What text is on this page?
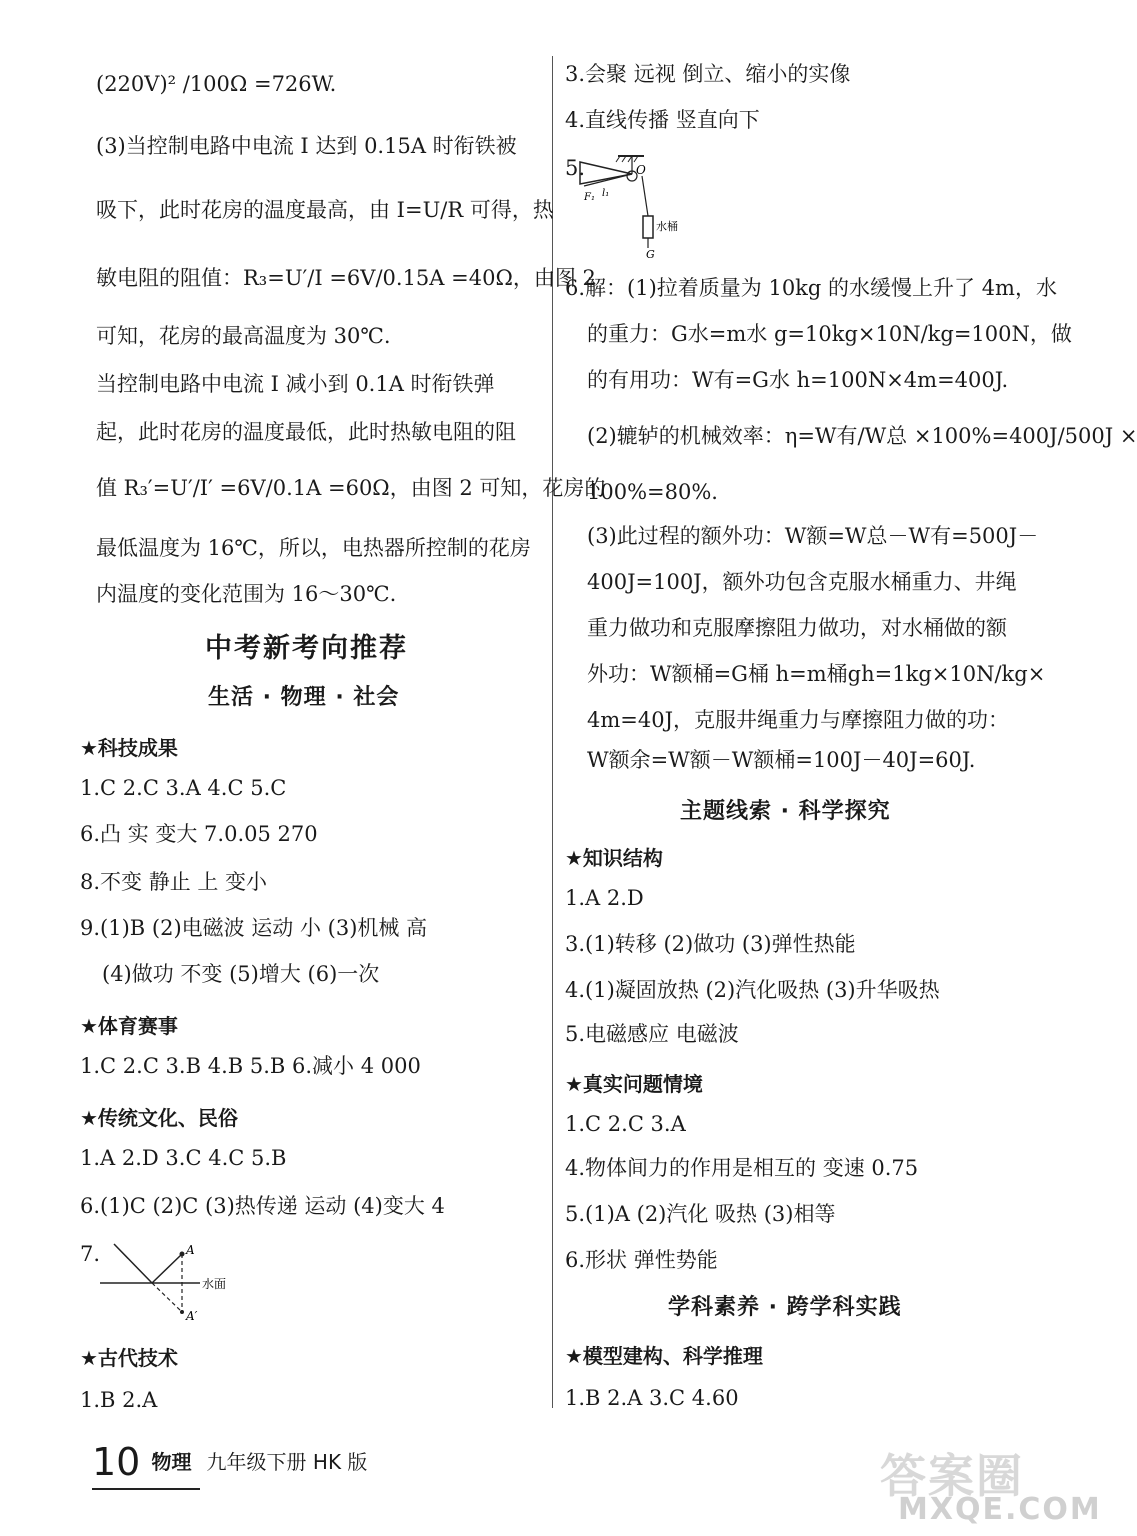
(220V)² /100Ω =726W.
(3)当控制电路中电流 I 达到 0.15A 时衔铁被
吸下，此时花房的温度最高，由 I=U/R 可得，热
敏电阻的阻值：R₃=U′/I =6V/0.15A =40Ω，由图 2
可知，花房的最高温度为 30℃.
当控制电路中电流 I 减小到 0.1A 时衔铁弹
起，此时花房的温度最低，此时热敏电阻的阻
值 R₃′=U′/I′ =6V/0.1A =60Ω，由图 2 可知，花房的
最低温度为 16℃，所以，电热器所控制的花房
内温度的变化范围为 16～30℃.
中考新考向推荐
生活 · 物理 · 社会
★科技成果
1.C 2.C 3.A 4.C 5.C
6.凸 实 变大 7.0.05 270
8.不变 静止 上 变小
9.(1)B (2)电磁波 运动 小 (3)机械 高
(4)做功 不变 (5)增大 (6)一次
★体育赛事
1.C 2.C 3.B 4.B 5.B 6.减小 4 000
★传统文化、民俗
1.A 2.D 3.C 4.C 5.B
6.(1)C (2)C (3)热传递 运动 (4)变大 4
7.	A
A′
水面
★古代技术
1.B 2.A
3.会聚 远视 倒立、缩小的实像
4.直线传播 竖直向下
5.	O
F₁ l₁
水桶
G
6.解：(1)拉着质量为 10kg 的水缓慢上升了 4m，水
的重力：G水=m水 g=10kg×10N/kg=100N，做
的有用功：W有=G水 h=100N×4m=400J.
(2)辘轳的机械效率：η=W有/W总 ×100%=400J/500J ×
100%=80%.
(3)此过程的额外功：W额=W总－W有=500J－
400J=100J，额外功包含克服水桶重力、井绳
重力做功和克服摩擦阻力做功，对水桶做的额
外功：W额桶=G桶 h=m桶gh=1kg×10N/kg×
4m=40J，克服井绳重力与摩擦阻力做的功：
W额余=W额－W额桶=100J－40J=60J.
主题线索 · 科学探究
★知识结构
1.A 2.D
3.(1)转移 (2)做功 (3)弹性热能
4.(1)凝固放热 (2)汽化吸热 (3)升华吸热
5.电磁感应 电磁波
★真实问题情境
1.C 2.C 3.A
4.物体间力的作用是相互的 变速 0.75
5.(1)A (2)汽化 吸热 (3)相等
6.形状 弹性势能
学科素养 · 跨学科实践
★模型建构、科学推理
1.B 2.A 3.C 4.60
10 物理 九年级下册 HK 版	答案圈
MXQE.COM
